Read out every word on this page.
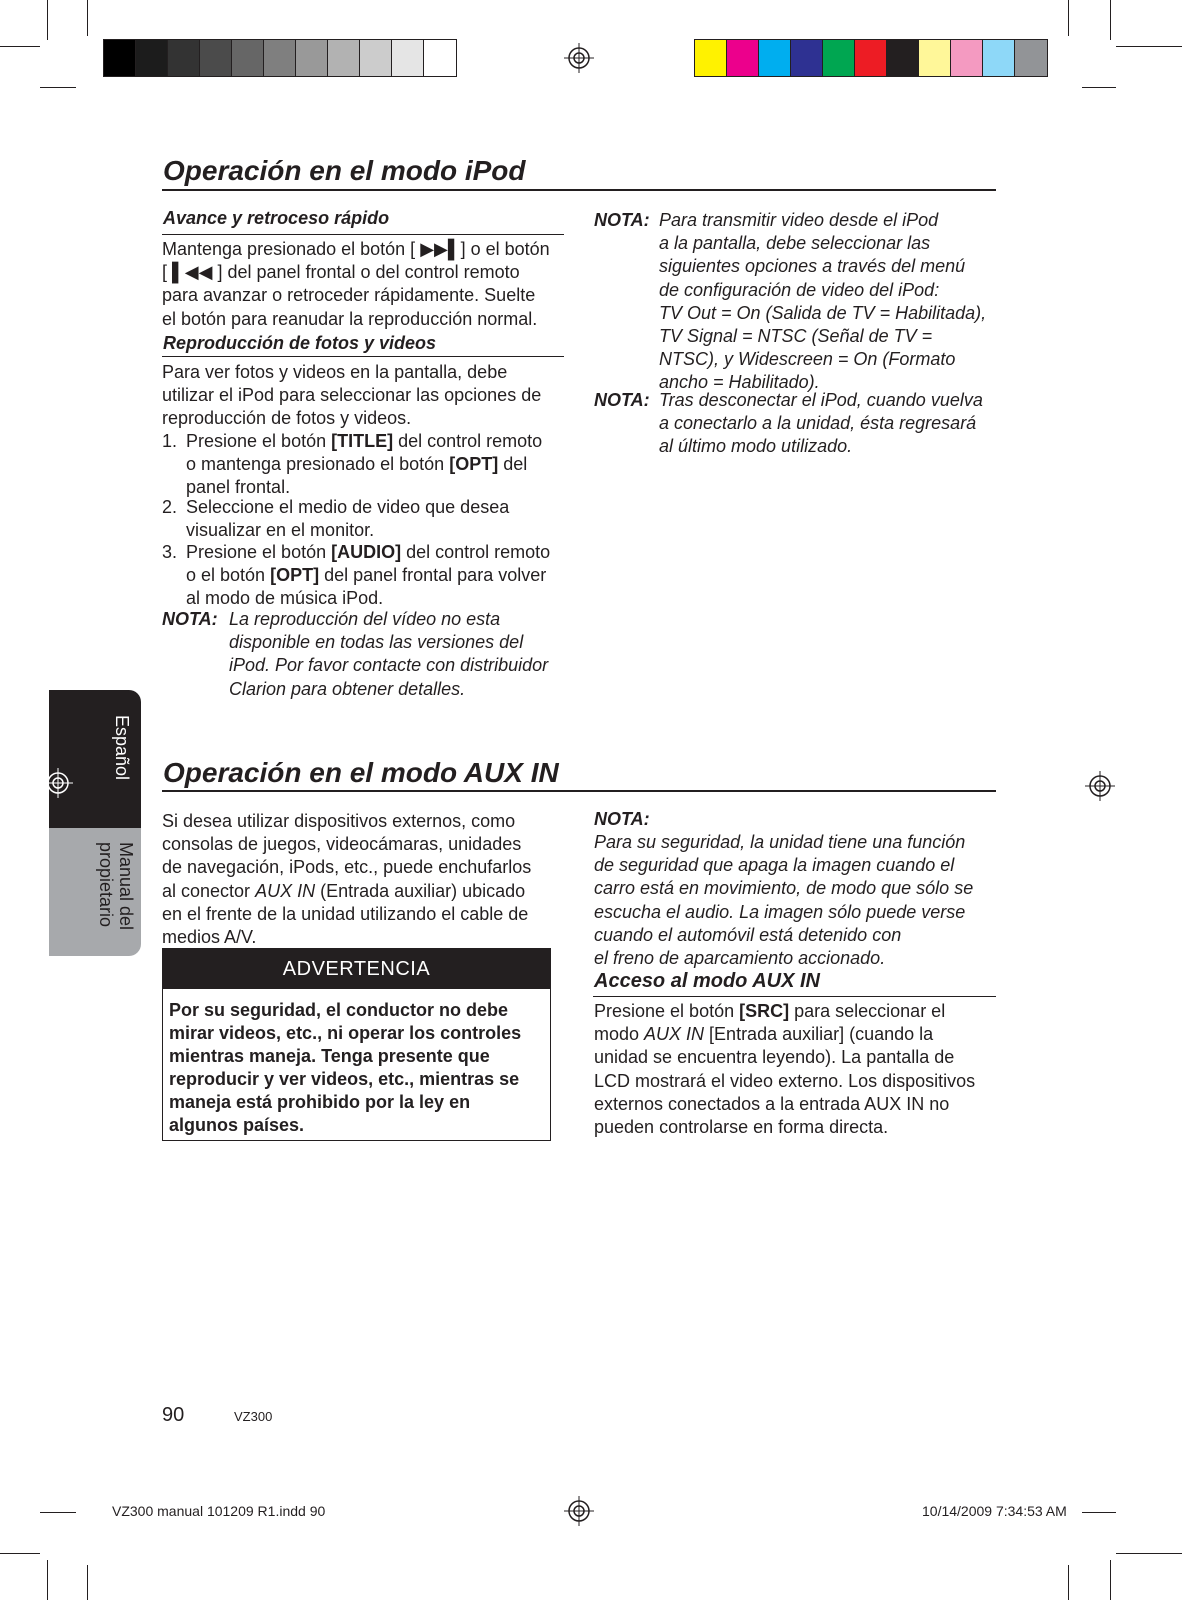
Español
Manual del
propietario
Operación en el modo iPod
Avance y retroceso rápido
Mantenga presionado el botón [ ▶▶▌] o el botón
[ ▌◀◀ ] del panel frontal o del control remoto
para avanzar o retroceder rápidamente. Suelte
el botón para reanudar la reproducción normal.
Reproducción de fotos y videos
Para ver fotos y videos en la pantalla, debe
utilizar el iPod para seleccionar las opciones de
reproducción de fotos y videos.
1. Presione el botón [TITLE] del control remoto
o mantenga presionado el botón [OPT] del
panel frontal.
2. Seleccione el medio de video que desea
visualizar en el monitor.
3. Presione el botón [AUDIO] del control remoto
o el botón [OPT] del panel frontal para volver
al modo de música iPod.
NOTA: La reproducción del vídeo no esta
disponible en todas las versiones del
iPod. Por favor contacte con distribuidor
Clarion para obtener detalles.
NOTA: Para transmitir video desde el iPod
a la pantalla, debe seleccionar las
siguientes opciones a través del menú
de configuración de video del iPod:
TV Out = On (Salida de TV = Habilitada),
TV Signal = NTSC (Señal de TV =
NTSC), y Widescreen = On (Formato
ancho = Habilitado).
NOTA: Tras desconectar el iPod, cuando vuelva
a conectarlo a la unidad, ésta regresará
al último modo utilizado.
Operación en el modo AUX IN
Si desea utilizar dispositivos externos, como
consolas de juegos, videocámaras, unidades
de navegación, iPods, etc., puede enchufarlos
al conector AUX IN (Entrada auxiliar) ubicado
en el frente de la unidad utilizando el cable de
medios A/V.
ADVERTENCIA
Por su seguridad, el conductor no debe
mirar videos, etc., ni operar los controles
mientras maneja. Tenga presente que
reproducir y ver videos, etc., mientras se
maneja está prohibido por la ley en
algunos países.
NOTA:
Para su seguridad, la unidad tiene una función
de seguridad que apaga la imagen cuando el
carro está en movimiento, de modo que sólo se
escucha el audio. La imagen sólo puede verse
cuando el automóvil está detenido con
el freno de aparcamiento accionado.
Acceso al modo AUX IN
Presione el botón [SRC] para seleccionar el
modo AUX IN [Entrada auxiliar] (cuando la
unidad se encuentra leyendo). La pantalla de
LCD mostrará el video externo. Los dispositivos
externos conectados a la entrada AUX IN no
pueden controlarse en forma directa.
90	VZ300
VZ300 manual 101209 R1.indd 90	10/14/2009 7:34:53 AM
